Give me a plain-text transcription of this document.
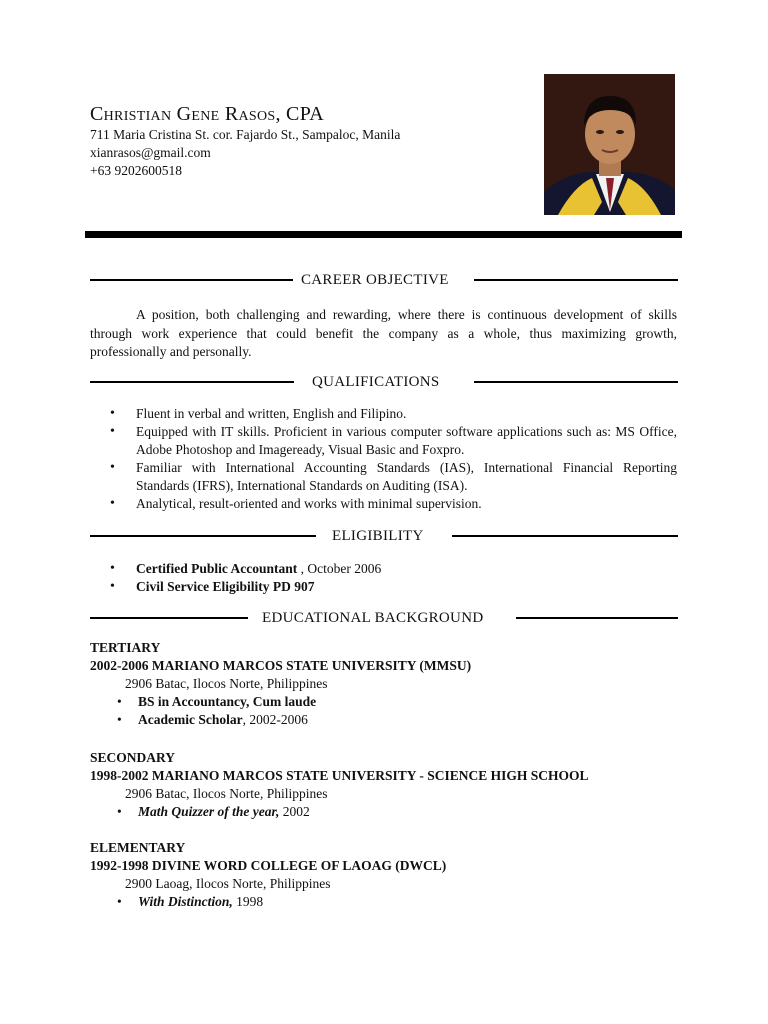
Christian Gene Rasos, CPA
711 Maria Cristina St. cor. Fajardo St., Sampaloc, Manila
xianrasos@gmail.com
+63 9202600518
CAREER OBJECTIVE
A position, both challenging and rewarding, where there is continuous development of skills through work experience that could benefit the company as a whole, thus maximizing growth, professionally and personally.
QUALIFICATIONS
• Fluent in verbal and written, English and Filipino.
• Equipped with IT skills. Proficient in various computer software applications such as: MS Office, Adobe Photoshop and Imageready, Visual Basic and Foxpro.
• Familiar with International Accounting Standards (IAS), International Financial Reporting Standards (IFRS), International Standards on Auditing (ISA).
• Analytical, result-oriented and works with minimal supervision.
ELIGIBILITY
• Certified Public Accountant , October 2006
• Civil Service Eligibility PD 907
EDUCATIONAL BACKGROUND
TERTIARY
2002-2006 MARIANO MARCOS STATE UNIVERSITY (MMSU)
2906 Batac, Ilocos Norte, Philippines
• BS in Accountancy, Cum laude
• Academic Scholar, 2002-2006
SECONDARY
1998-2002 MARIANO MARCOS STATE UNIVERSITY - SCIENCE HIGH SCHOOL
2906 Batac, Ilocos Norte, Philippines
• Math Quizzer of the year, 2002
ELEMENTARY
1992-1998 DIVINE WORD COLLEGE OF LAOAG (DWCL)
2900 Laoag, Ilocos Norte, Philippines
• With Distinction, 1998
